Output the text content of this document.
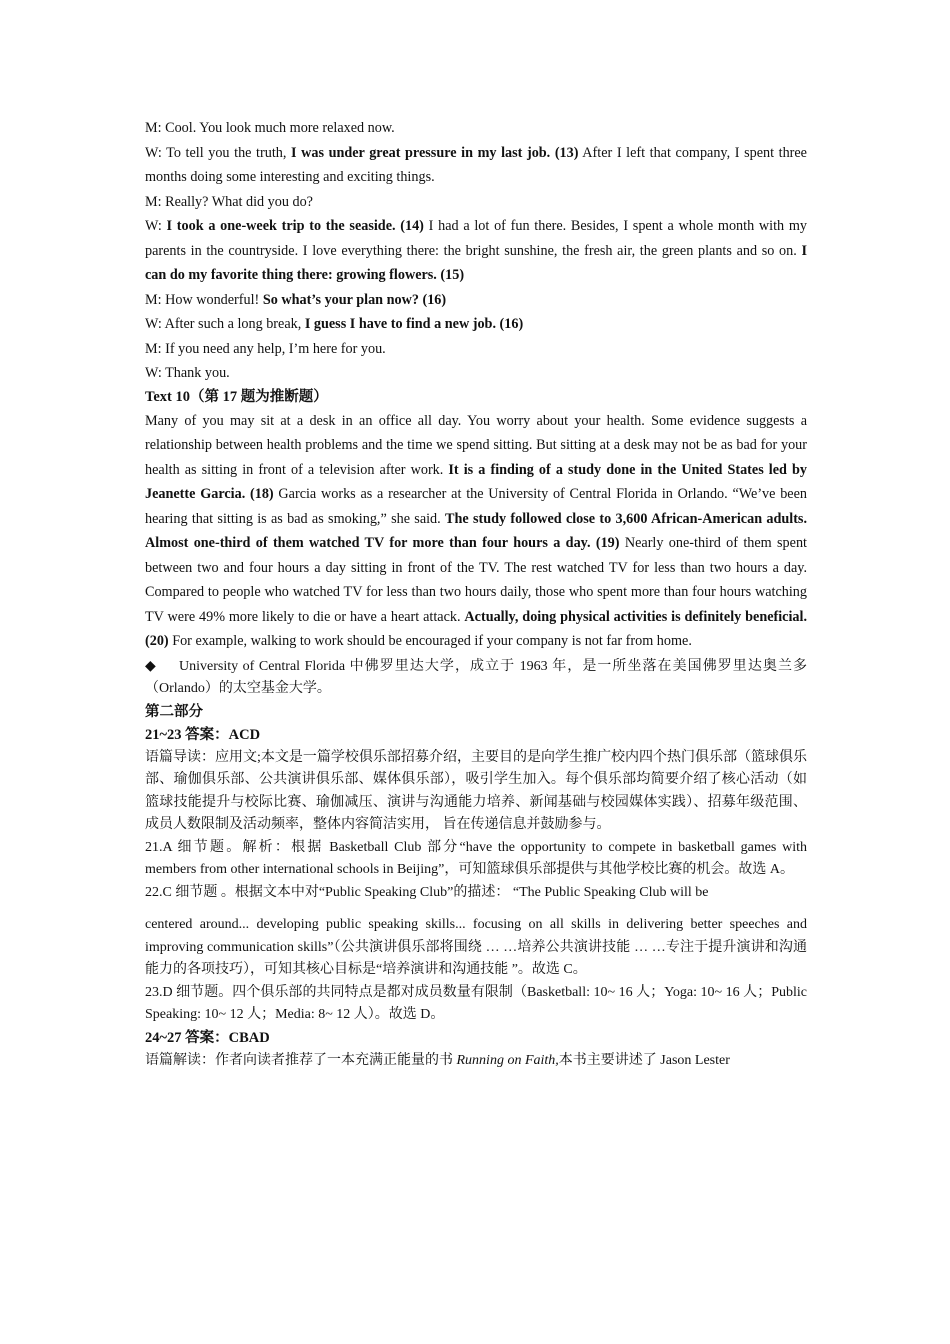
M: Cool. You look much more relaxed now.

W: To tell you the truth, I was under great pressure in my last job. (13) After I left that company, I spent three months doing some interesting and exciting things.

M: Really? What did you do?

W: I took a one-week trip to the seaside. (14) I had a lot of fun there. Besides, I spent a whole month with my parents in the countryside. I love everything there: the bright sunshine, the fresh air, the green plants and so on. I can do my favorite thing there: growing flowers. (15)

M: How wonderful! So what’s your plan now? (16)

W: After such a long break, I guess I have to find a new job. (16)

M: If you need any help, I’m here for you.

W: Thank you.

Text 10（第 17 题为推断题）

Many of you may sit at a desk in an office all day. You worry about your health. Some evidence suggests a relationship between health problems and the time we spend sitting. But sitting at a desk may not be as bad for your health as sitting in front of a television after work. It is a finding of a study done in the United States led by Jeanette Garcia. (18) Garcia works as a researcher at the University of Central Florida in Orlando. “We’ve been hearing that sitting is as bad as smoking,” she said. The study followed close to 3,600 African-American adults. Almost one-third of them watched TV for more than four hours a day. (19) Nearly one-third of them spent between two and four hours a day sitting in front of the TV. The rest watched TV for less than two hours a day. Compared to people who watched TV for less than two hours daily, those who spent more than four hours watching TV were 49% more likely to die or have a heart attack. Actually, doing physical activities is definitely beneficial. (20) For example, walking to work should be encouraged if your company is not far from home.

◆ University of Central Florida 中佛罗里达大学，成立于 1963 年，是一所坐落在美国佛罗里达奥兰多（Orlando）的太空基金大学。

第二部分

21~23 答案：ACD

语篇导读：应用文;本文是一篇学校俱乐部招募介绍，主要目的是向学生推广校内四个热门俱乐部（篮球俱乐部、瑜伽俱乐部、公共演讲俱乐部、媒体俱乐部），吸引学生加入。每个俱乐部均简要介绍了核心活动（如篮球技能提升与校际比赛、瑜伽减压、演讲与沟通能力培养、新闻基础与校园媒体实践）、招募年级范围、成员人数限制及活动频率，整体内容简洁实用， 旨在传递信息并鼓励参与。

21.A 细节题。解析：根据 Basketball Club 部分“have the opportunity to compete in basketball games with members from other international schools in Beijing”，可知篮球俱乐部提供与其他学校比赛的机会。故选 A。

22.C 细节题 。根据文本中对“Public Speaking Club”的描述： “The Public Speaking Club will be

centered around... developing public speaking skills... focusing on all skills in delivering better speeches and improving communication skills”（公共演讲俱乐部将围绕 … …培养公共演讲技能 … …专注于提升演讲和沟通能力的各项技巧），可知其核心目标是“培养演讲和沟通技能 ”。故选 C。

23.D 细节题。四个俱乐部的共同特点是都对成员数量有限制（Basketball: 10~ 16 人；Yoga: 10~ 16 人；Public Speaking: 10~ 12 人；Media: 8~ 12 人）。故选 D。

24~27 答案：CBAD

语篇解读：作者向读者推荐了一本充满正能量的书 Running on Faith,本书主要讲述了 Jason Lester
